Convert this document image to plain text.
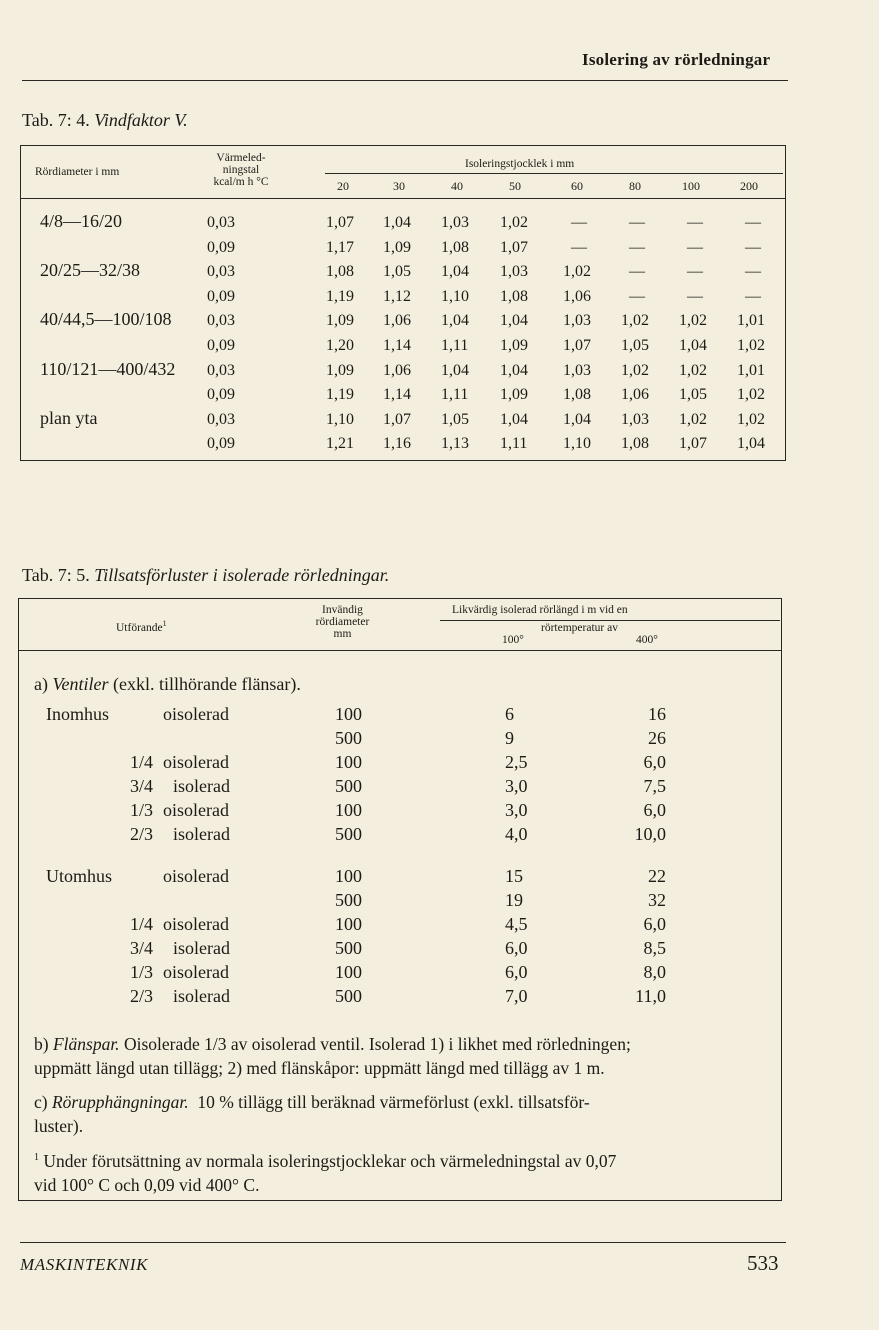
Isolering av rörledningar
Tab. 7: 4. Vindfaktor V.
Rördiameter i mm
Värmeled-
ningstal
kcal/m h °C
Isoleringstjocklek i mm
20	30	40	50	60	80	100	200
4/8—16/20	0,03	1,07 1,04 1,03 1,02	—	—	—	—
0,09	1,17 1,09 1,08 1,07	—	—	—	—
20/25—32/38	0,03	1,08 1,05 1,04 1,03 1,02 —	—	—
0,09	1,19 1,12 1,10 1,08 1,06 —	—	—
40/44,5—100/108 0,03	1,09 1,06 1,04 1,04 1,03 1,02 1,02 1,01
0,09	1,20 1,14 1,11 1,09 1,07 1,05 1,04 1,02
110/121—400/432 0,03	1,09 1,06 1,04 1,04 1,03 1,02 1,02 1,01
0,09	1,19 1,14 1,11 1,09 1,08 1,06 1,05 1,02
plan yta	0,03	1,10 1,07 1,05 1,04 1,04 1,03 1,02 1,02
0,09	1,21 1,16 1,13 1,11 1,10 1,08 1,07 1,04
Tab. 7: 5. Tillsatsförluster i isolerade rörledningar.
Utförande$^1$
Invändig
rördiameter
mm
Likvärdig isolerad rörlängd i m vid en
rörtemperatur av
100°	400°
a) Ventiler (exkl. tillhörande flänsar).
Inomhus	oisolerad	100	6	16
500	9	26
1/4 oisolerad	100	2,5	6,0
3/4 isolerad	500	3,0	7,5
1/3 oisolerad	100	3,0	6,0
2/3 isolerad	500	4,0	10,0
Utomhus	oisolerad	100	15	22
500	19	32
1/4 oisolerad	100	4,5	6,0
3/4 isolerad	500	6,0	8,5
1/3 oisolerad	100	6,0	8,0
2/3 isolerad	500	7,0	11,0
b) Flänspar. Oisolerade 1/3 av oisolerad ventil. Isolerad 1) i likhet med rörledningen;
uppmätt längd utan tillägg; 2) med flänskåpor: uppmätt längd med tillägg av 1 m.
c) Rörupphängningar. 10 % tillägg till beräknad värmeförlust (exkl. tillsatsför-
luster).
$^1$ Under förutsättning av normala isoleringstjocklekar och värmeledningstal av 0,07
vid 100° C och 0,09 vid 400° C.
MASKINTEKNIK	533
